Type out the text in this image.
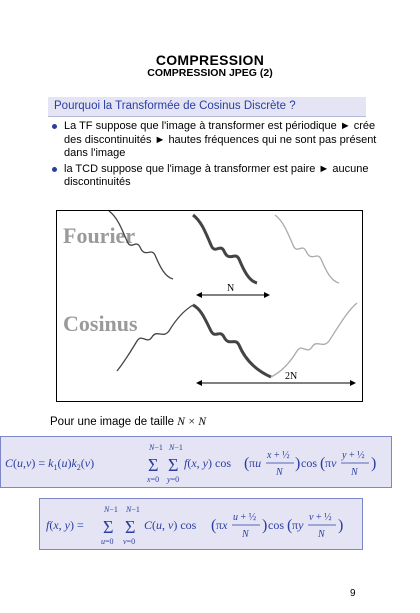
COMPRESSION
COMPRESSION JPEG (2)
Pourquoi la Transformée de Cosinus Discrète ?
La TF suppose que l'image à transformer est périodique ► crée des discontinuités ► hautes fréquences qui ne sont pas présent dans l'image
la TCD suppose que l'image à transformer est paire ► aucune discontinuités
Fourier
Cosinus
N
2N
Pour une image de taille N × N
$C(u,\nu) = k_1(u)k_2(\nu)$
N−1
Σ
x=0
N−1
Σ
y=0
f(x, y) cos ( πu
x + ½
N
) cos ( πν
y + ½
N
)
f(x, y) =
N−1
Σ
u=0
N−1
Σ
ν=0
C(u, ν) cos ( πx
u + ½
N
) cos ( πy
ν + ½
N
)
9
